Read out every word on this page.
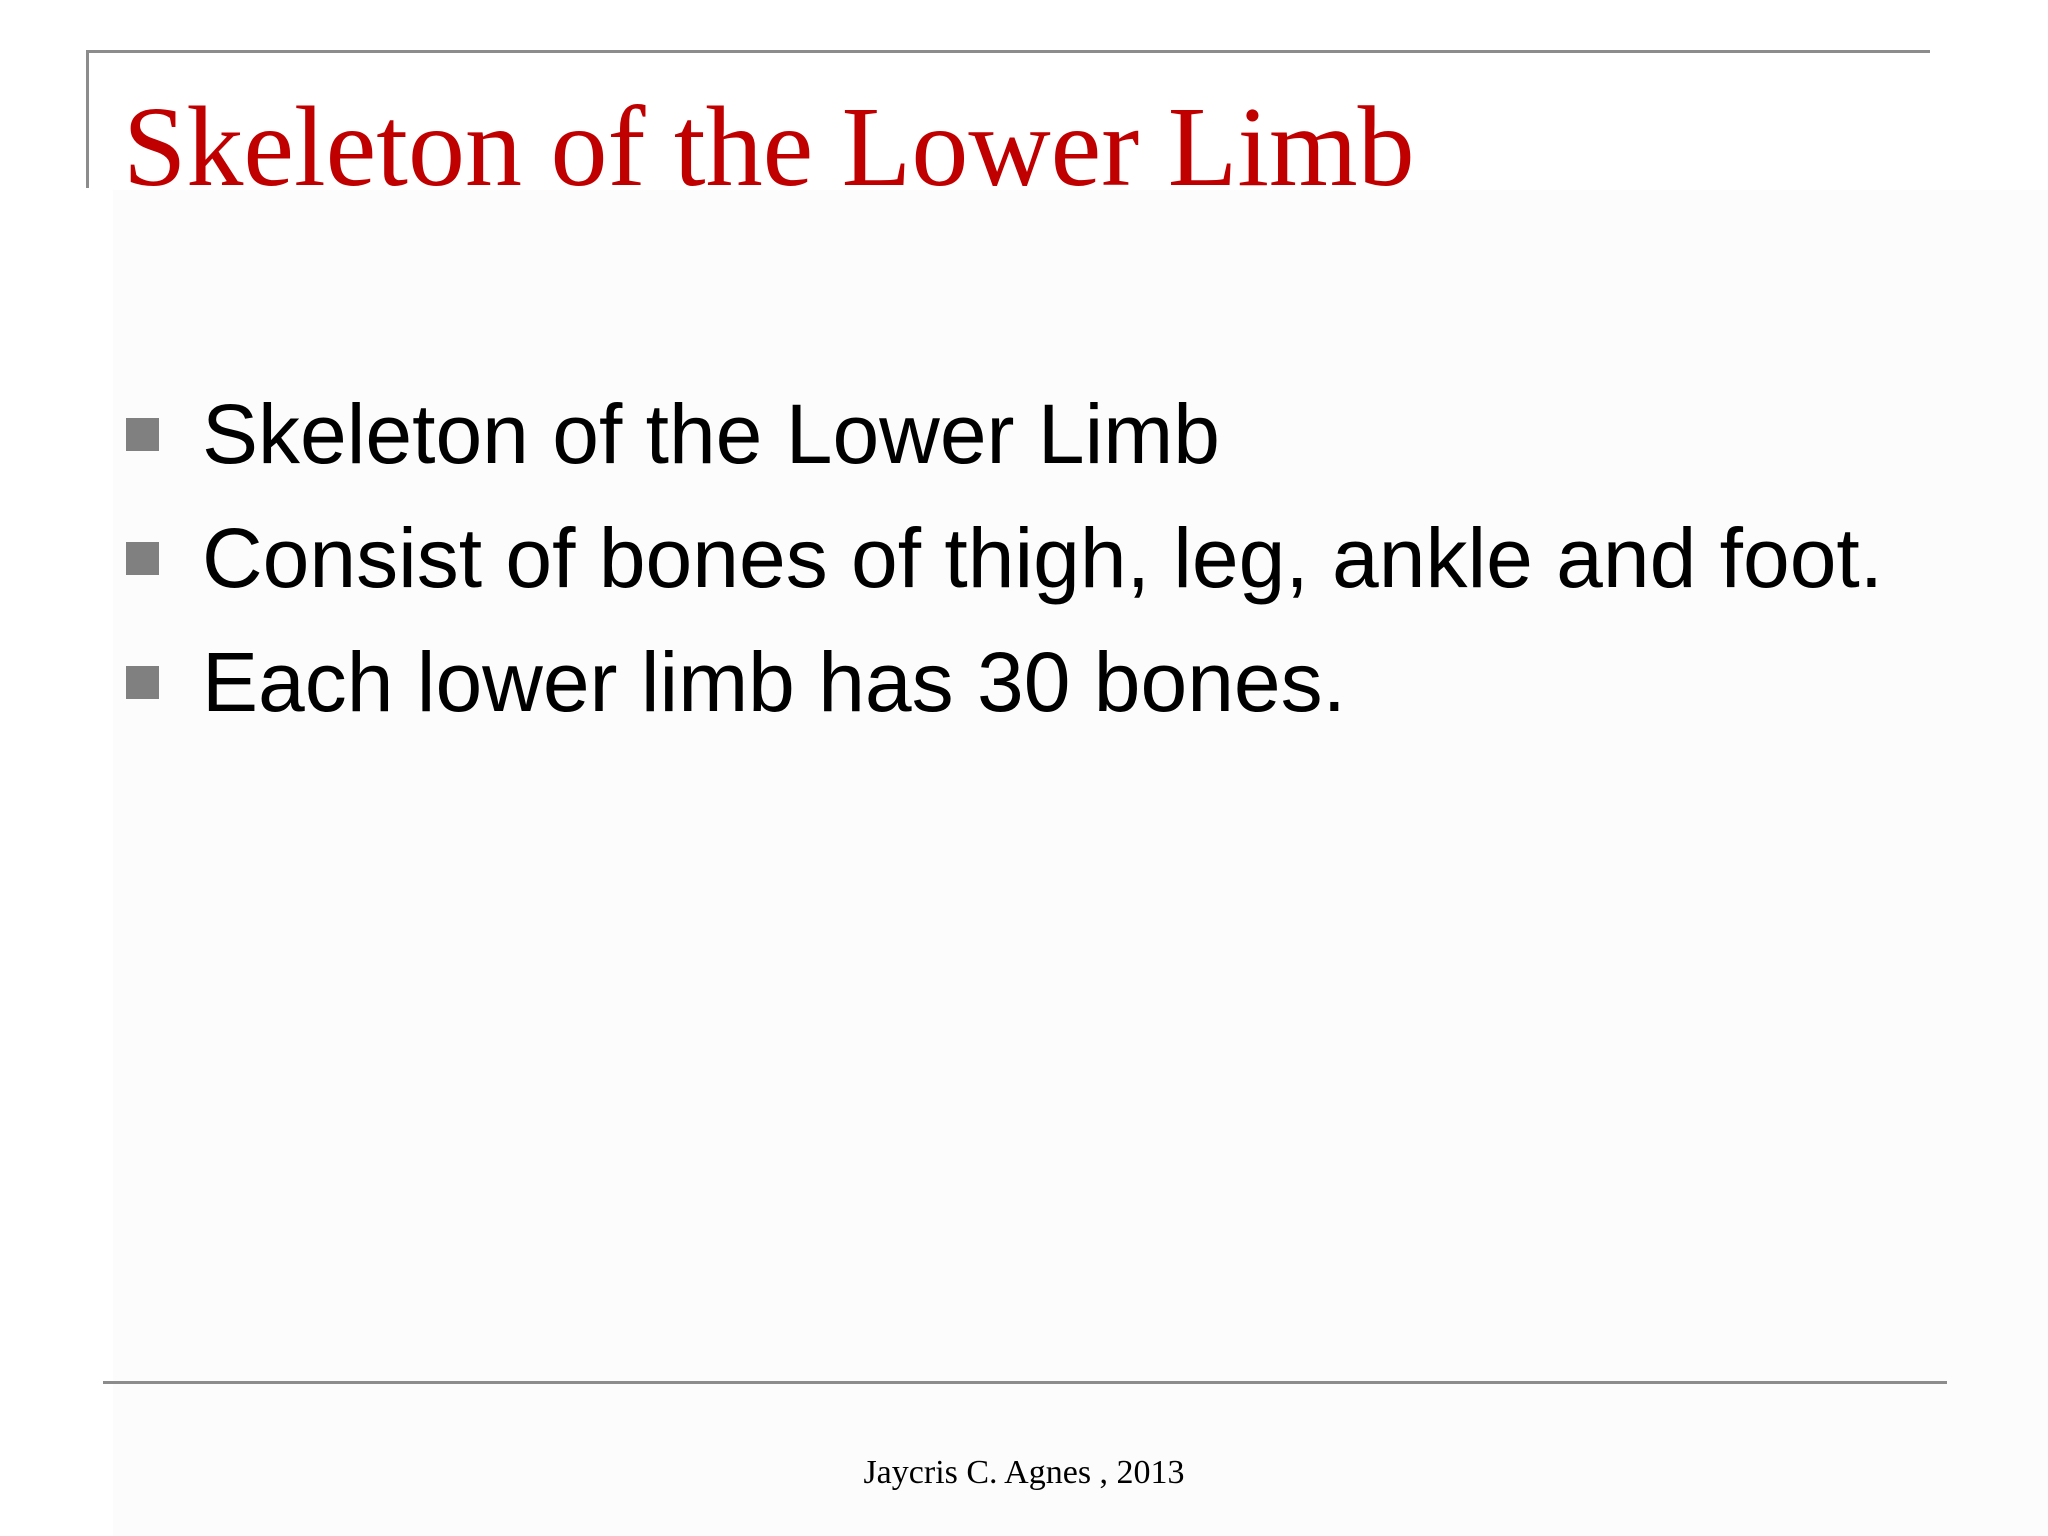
Skeleton of the Lower Limb
Skeleton of the Lower Limb
Consist of bones of thigh, leg, ankle and foot.
Each lower limb has 30 bones.
Jaycris C. Agnes , 2013
